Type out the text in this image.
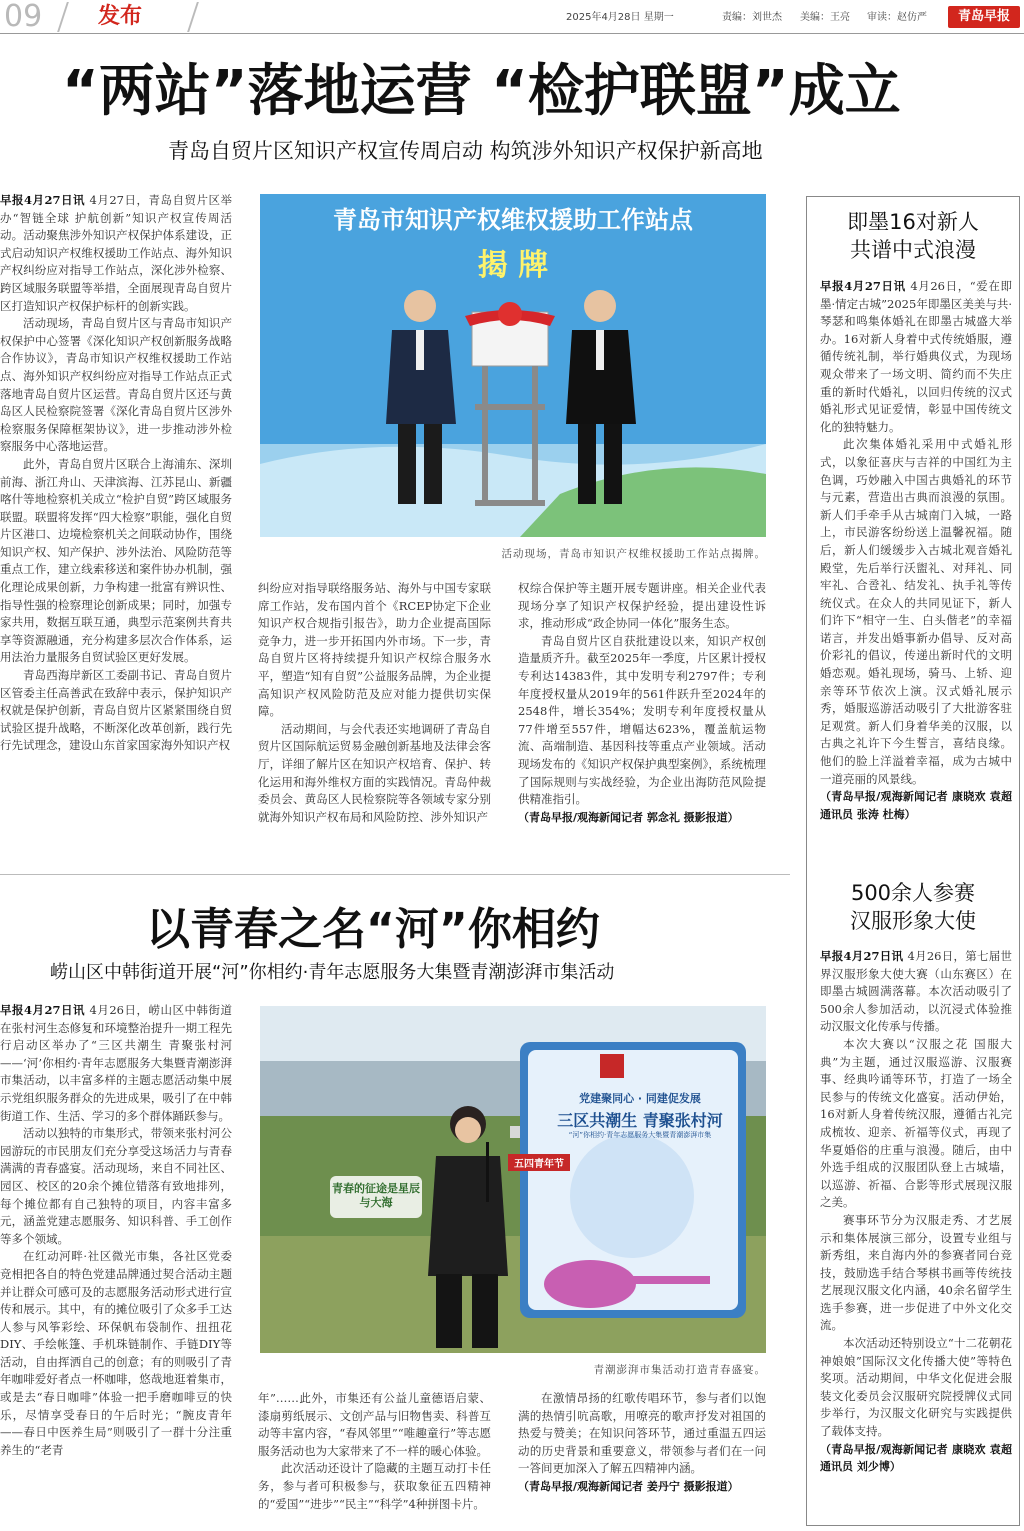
09	发布	2025年4月28日 星期一	责编：刘世杰 美编：王亮 审读：赵仿严	青岛早报
“两站”落地运营 “检护联盟”成立
青岛自贸片区知识产权宣传周启动 构筑涉外知识产权保护新高地

早报4月27日讯 4月27日，青岛自贸片区举办“智链全球 护航创新”知识产权宣传周活动。活动聚焦涉外知识产权保护体系建设，正式启动知识产权维权援助工作站点、海外知识产权纠纷应对指导工作站点，深化涉外检察、跨区域服务联盟等举措，全面展现青岛自贸片区打造知识产权保护标杆的创新实践。

活动现场，青岛自贸片区与青岛市知识产权保护中心签署《深化知识产权创新服务战略合作协议》，青岛市知识产权维权援助工作站点、海外知识产权纠纷应对指导工作站点正式落地青岛自贸片区运营。青岛自贸片区还与黄岛区人民检察院签署《深化青岛自贸片区涉外检察服务保障框架协议》，进一步推动涉外检察服务中心落地运营。

此外，青岛自贸片区联合上海浦东、深圳前海、浙江舟山、天津滨海、江苏昆山、新疆喀什等地检察机关成立“检护自贸”跨区域服务联盟。联盟将发挥“四大检察”职能，强化自贸片区港口、边境检察机关之间联动协作，围绕知识产权、知产保护、涉外法治、风险防范等重点工作，建立线索移送和案件协办机制，强化理论成果创新，力争构建一批富有辨识性、指导性强的检察理论创新成果；同时，加强专家共用，数据互联互通，典型示范案例共育共享等资源融通，充分构建多层次合作体系，运用法治力量服务自贸试验区更好发展。

青岛西海岸新区工委副书记、青岛自贸片区管委主任高善武在致辞中表示，保护知识产权就是保护创新，青岛自贸片区紧紧围绕自贸试验区提升战略，不断深化改革创新，践行先行先试理念，建设山东首家国家海外知识产权

青岛市知识产权维权援助工作站点
揭 牌
活动现场，青岛市知识产权维权援助工作站点揭牌。

纠纷应对指导联络服务站、海外与中国专家联席工作站，发布国内首个《RCEP协定下企业知识产权合规指引报告》，助力企业提高国际竞争力，进一步开拓国内外市场。下一步，青岛自贸片区将持续提升知识产权综合服务水平，塑造“知有自贸”公益服务品牌，为企业提高知识产权风险防范及应对能力提供切实保障。

活动期间，与会代表还实地调研了青岛自贸片区国际航运贸易金融创新基地及法律会客厅，详细了解片区在知识产权培育、保护、转化运用和海外维权方面的实践情况。青岛仲裁委员会、黄岛区人民检察院等各领域专家分别就海外知识产权布局和风险防控、涉外知识产

权综合保护等主题开展专题讲座。相关企业代表现场分享了知识产权保护经验，提出建设性诉求，推动形成“政企协同一体化”服务生态。

青岛自贸片区自获批建设以来，知识产权创造量质齐升。截至2025年一季度，片区累计授权专利达14383件，其中发明专利2797件；专利年度授权量从2019年的561件跃升至2024年的2548件，增长354%；发明专利年度授权量从77件增至557件，增幅达623%，覆盖航运物流、高端制造、基因科技等重点产业领域。活动现场发布的《知识产权保护典型案例》，系统梳理了国际规则与实战经验，为企业出海防范风险提供精准指引。

（青岛早报/观海新闻记者 郭念礼 摄影报道）

以青春之名“河”你相约
崂山区中韩街道开展“河”你相约·青年志愿服务大集暨青潮澎湃市集活动

早报4月27日讯 4月26日，崂山区中韩街道在张村河生态修复和环境整治提升一期工程先行启动区举办了“三区共潮生 青聚张村河——‘河’你相约·青年志愿服务大集暨青潮澎湃市集活动，以丰富多样的主题志愿活动集中展示党组织服务群众的先进成果，吸引了在中韩街道工作、生活、学习的多个群体踊跃参与。

活动以独特的市集形式，带领来张村河公园游玩的市民朋友们充分享受这场活力与青春满满的青春盛宴。活动现场，来自不同社区、园区、校区的20余个摊位错落有致地排列，每个摊位都有自己独特的项目，内容丰富多元，涵盖党建志愿服务、知识科普、手工创作等多个领域。

在红动河畔·社区微光市集，各社区党委竞相把各自的特色党建品牌通过契合活动主题并让群众可感可及的志愿服务活动形式进行宣传和展示。其中，有的摊位吸引了众多手工达人参与风筝彩绘、环保帆布袋制作、扭扭花DIY、手绘帐篷、手机珠链制作、手链DIY等活动，自由挥洒自己的创意；有的则吸引了青年咖啡爱好者点一杯咖啡，悠哉地逛着集市，或是去“春日咖啡”体验一把手磨咖啡豆的快乐，尽情享受春日的午后时光；“腕皮青年——春日中医养生局”则吸引了一群十分注重养生的“老青

党建聚同心 · 同建促发展
三区共潮生 青聚张村河
“河”你相约·青年志愿服务大集暨青潮澎湃市集
五四青年节
青春的征途是星辰与大海
青潮澎湃市集活动打造青春盛宴。

年”……此外，市集还有公益儿童德语启蒙、漆扇剪纸展示、文创产品与旧物售卖、科普互动等丰富内容，“春风邻里”“唯趣童行”等志愿服务活动也为大家带来了不一样的暖心体验。

此次活动还设计了隐藏的主题互动打卡任务，参与者可积极参与，获取象征五四精神的“爱国”“进步”“民主”“科学”4种拼图卡片。

在激情昂扬的红歌传唱环节，参与者们以饱满的热情引吭高歌，用嘹亮的歌声抒发对祖国的热爱与赞美；在知识问答环节，通过重温五四运动的历史背景和重要意义，带领参与者们在一问一答间更加深入了解五四精神内涵。

（青岛早报/观海新闻记者 姜丹宁 摄影报道）

即墨16对新人
共谱中式浪漫

早报4月27日讯 4月26日，“爱在即墨·情定古城”2025年即墨区美美与共·琴瑟和鸣集体婚礼在即墨古城盛大举办。16对新人身着中式传统婚服，遵循传统礼制，举行婚典仪式，为现场观众带来了一场文明、简约而不失庄重的新时代婚礼，以回归传统的汉式婚礼形式见证爱情，彰显中国传统文化的独特魅力。

此次集体婚礼采用中式婚礼形式，以象征喜庆与吉祥的中国红为主色调，巧妙融入中国古典婚礼的环节与元素，营造出古典而浪漫的氛围。新人们手牵手从古城南门入城，一路上，市民游客纷纷送上温馨祝福。随后，新人们缓缓步入古城北观音婚礼殿堂，先后举行沃盥礼、对拜礼、同牢礼、合卺礼、结发礼、执手礼等传统仪式。在众人的共同见证下，新人们许下“相守一生、白头偕老”的幸福诺言，并发出婚事新办倡导、反对高价彩礼的倡议，传递出新时代的文明婚恋观。婚礼现场，骑马、上轿、迎亲等环节依次上演。汉式婚礼展示秀，婚服巡游活动吸引了大批游客驻足观赏。新人们身着华美的汉服，以古典之礼许下今生誓言，喜结良缘。他们的脸上洋溢着幸福，成为古城中一道亮丽的风景线。

（青岛早报/观海新闻记者 康晓欢 袁超 通讯员 张涛 杜梅）

500余人参赛
汉服形象大使

早报4月27日讯 4月26日，第七届世界汉服形象大使大赛（山东赛区）在即墨古城圆满落幕。本次活动吸引了500余人参加活动，以沉浸式体验推动汉服文化传承与传播。

本次大赛以“汉服之花 国服大典”为主题，通过汉服巡游、汉服赛事、经典吟诵等环节，打造了一场全民参与的传统文化盛宴。活动伊始，16对新人身着传统汉服，遵循古礼完成梳妆、迎亲、祈福等仪式，再现了华夏婚俗的庄重与浪漫。随后，由中外选手组成的汉服团队登上古城墙，以巡游、祈福、合影等形式展现汉服之美。

赛事环节分为汉服走秀、才艺展示和集体展演三部分，设置专业组与新秀组，来自海内外的参赛者同台竞技，鼓励选手结合琴棋书画等传统技艺展现汉服文化内涵，40余名留学生选手参赛，进一步促进了中外文化交流。

本次活动还特别设立“十二花朝花神娘娘”国际汉文化传播大使”等特色奖项。活动期间，中华文化促进会服装文化委员会汉服研究院授牌仪式同步举行，为汉服文化研究与实践提供了载体支持。

（青岛早报/观海新闻记者 康晓欢 袁超 通讯员 刘少博）
